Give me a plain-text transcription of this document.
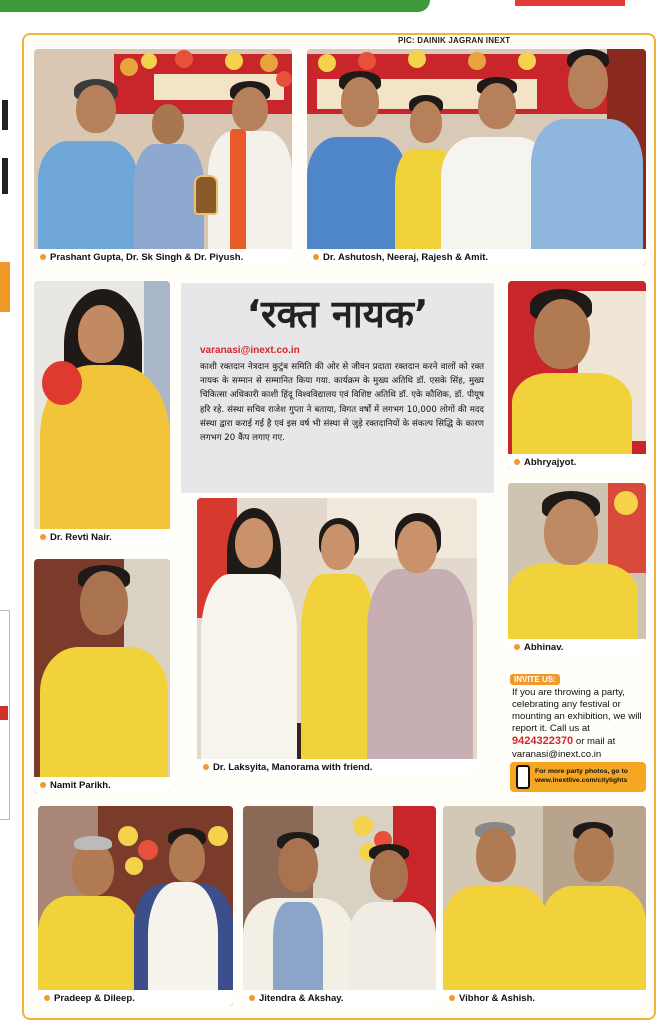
PIC: DAINIK JAGRAN INEXT
Prashant Gupta, Dr. Sk Singh & Dr. Piyush.	Dr. Ashutosh, Neeraj, Rajesh & Amit.
Dr. Revti Nair.
‘रक्त नायक’
varanasi@inext.co.in
काशी रक्तदान नेत्रदान कुटुंब समिति की ओर से जीवन प्रदाता रक्तदान करने वालों को रक्त नायक के सम्मान से सम्मानित किया गया. कार्यक्रम के मुख्य अतिथि डॉ. एसके सिंह, मुख्य चिकित्सा अधिकारी काशी हिंदू विश्वविद्यालय एवं विशिष्ट अतिथि डॉ. एके कौशिक, डॉ. पीयूष हरि रहे. संस्था सचिव राजेश गुप्ता ने बताया, विगत वर्षों में लगभग 10,000 लोगों की मदद संस्था द्वारा कराई गई है एवं इस वर्ष भी संस्था से जुड़े रक्तदानियों के संकल्प सिद्धि के कारण लगभग 20 कैंप लगाए गए.
Abhryajyot.
Abhinav.
Namit Parikh.
Dr. Laksyita, Manorama with friend.
INVITE US:
If you are throwing a party, celebrating any festival or mounting an exhibition, we will report it. Call us at 9424322370 or mail at
varanasi@inext.co.in
For more party photos, go to www.inextlive.com/citylights
Pradeep & Dileep.	Jitendra & Akshay.	Vibhor & Ashish.
